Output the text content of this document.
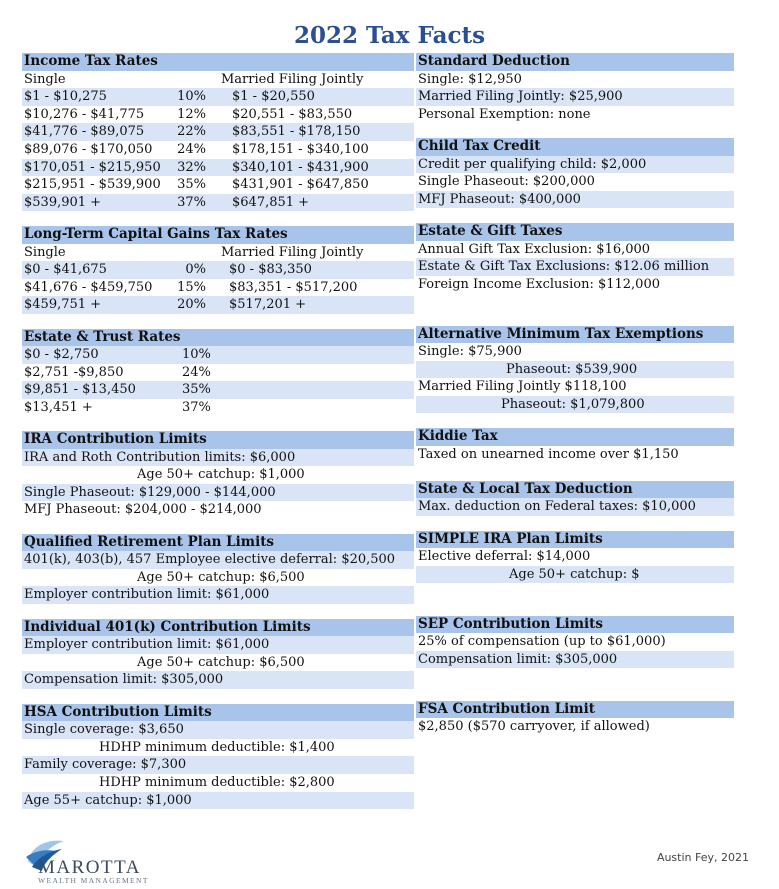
2022 Tax Facts
Income Tax Rates
Single	Married Filing Jointly
$1 - $10,275	10% $1 - $20,550
$10,276 - $41,775	12% $20,551 - $83,550
$41,776 - $89,075	22% $83,551 - $178,150
$89,076 - $170,050	24% $178,151 - $340,100
$170,051 - $215,950	32% $340,101 - $431,900
$215,951 - $539,900	35% $431,901 - $647,850
$539,901 +	37% $647,851 +
Long-Term Capital Gains Tax Rates
Single	Married Filing Jointly
$0 - $41,675	0% $0 - $83,350
$41,676 - $459,750	15% $83,351 - $517,200
$459,751 +	20% $517,201 +
Estate & Trust Rates
$0 - $2,750	10%
$2,751 -$9,850	24%
$9,851 - $13,450	35%
$13,451 +	37%
IRA Contribution Limits
IRA and Roth Contribution limits: $6,000
Age 50+ catchup: $1,000
Single Phaseout: $129,000 - $144,000
MFJ Phaseout: $204,000 - $214,000
Qualified Retirement Plan Limits
401(k), 403(b), 457 Employee elective deferral: $20,500
Age 50+ catchup: $6,500
Employer contribution limit: $61,000
Individual 401(k) Contribution Limits
Employer contribution limit: $61,000
Age 50+ catchup: $6,500
Compensation limit: $305,000
HSA Contribution Limits
Single coverage: $3,650
HDHP minimum deductible: $1,400
Family coverage: $7,300
HDHP minimum deductible: $2,800
Age 55+ catchup: $1,000
Standard Deduction
Single: $12,950
Married Filing Jointly: $25,900
Personal Exemption: none
Child Tax Credit
Credit per qualifying child: $2,000
Single Phaseout: $200,000
MFJ Phaseout: $400,000
Estate & Gift Taxes
Annual Gift Tax Exclusion: $16,000
Estate & Gift Tax Exclusions: $12.06 million
Foreign Income Exclusion: $112,000
Alternative Minimum Tax Exemptions
Single: $75,900
Phaseout: $539,900
Married Filing Jointly $118,100
Phaseout: $1,079,800
Kiddie Tax
Taxed on unearned income over $1,150
State & Local Tax Deduction
Max. deduction on Federal taxes: $10,000
SIMPLE IRA Plan Limits
Elective deferral: $14,000
Age 50+ catchup: $
SEP Contribution Limits
25% of compensation (up to $61,000)
Compensation limit: $305,000
FSA Contribution Limit
$2,850 ($570 carryover, if allowed)
MAROTTA
WEALTH MANAGEMENT
Austin Fey, 2021
